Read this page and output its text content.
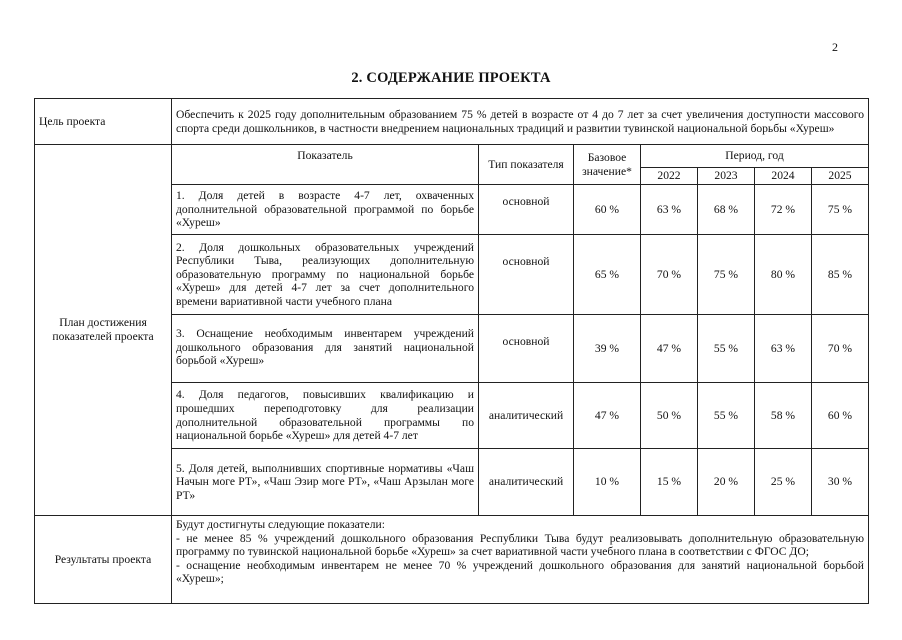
2
2. СОДЕРЖАНИЕ ПРОЕКТА
Цель проекта	Обеспечить к 2025 году дополнительным образованием 75 % детей в возрасте от 4 до 7 лет за счет увеличения доступности массового спорта среди дошкольников, в частности внедрением национальных традиций и развитии тувинской национальной борьбы «Хуреш»						
План достижения показателей проекта	Показатель	Тип показателя	Базовое значение*	Период, год			
				2022	2023	2024	2025
	1. Доля детей в возрасте 4-7 лет, охваченных дополнительной образовательной программой по борьбе «Хуреш»	основной	60 %	63 %	68 %	72 %	75 %
	2. Доля дошкольных образовательных учреждений Республики Тыва, реализующих дополнительную образовательную программу по национальной борьбе «Хуреш» для детей 4-7 лет за счет дополнительного времени вариативной части учебного плана	основной	65 %	70 %	75 %	80 %	85 %
	3. Оснащение необходимым инвентарем учреждений дошкольного образования для занятий национальной борьбой «Хуреш»	основной	39 %	47 %	55 %	63 %	70 %
	4. Доля педагогов, повысивших квалификацию и прошедших переподготовку для реализации дополнительной образовательной программы по национальной борьбе «Хуреш» для детей 4-7 лет	аналитический	47 %	50 %	55 %	58 %	60 %
	5. Доля детей, выполнивших спортивные нормативы «Чаш Начын моге РТ», «Чаш Эзир моге РТ», «Чаш Арзылан моге РТ»	аналитический	10 %	15 %	20 %	25 %	30 %
Результаты проекта	Будут достигнуты следующие показатели:
- не менее 85 % учреждений дошкольного образования Республики Тыва будут реализовывать дополнительную образовательную программу по тувинской национальной борьбе «Хуреш» за счет вариативной части учебного плана в соответствии с ФГОС ДО;
- оснащение необходимым инвентарем не менее 70 % учреждений дошкольного образования для занятий национальной борьбой «Хуреш»;						
